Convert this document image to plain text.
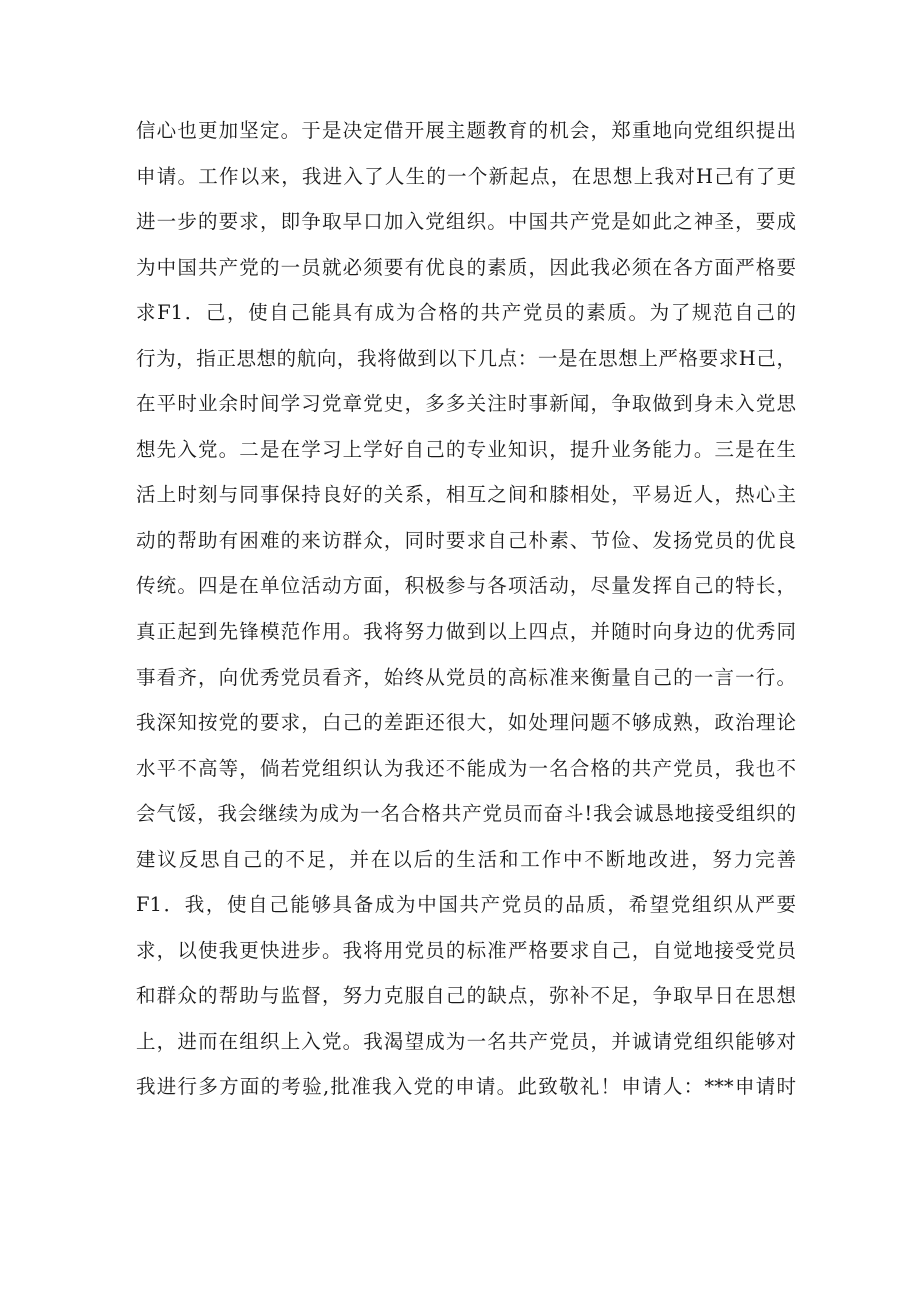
信心也更加坚定。于是决定借开展主题教育的机会，郑重地向党组织提出
申请。工作以来，我进入了人生的一个新起点，在思想上我对H己有了更
进一步的要求，即争取早口加入党组织。中国共产党是如此之神圣，要成
为中国共产党的一员就必须要有优良的素质，因此我必须在各方面严格要
求F1．己，使自己能具有成为合格的共产党员的素质。为了规范自己的
行为，指正思想的航向，我将做到以下几点：一是在思想上严格要求H己，
在平时业余时间学习党章党史，多多关注时事新闻，争取做到身未入党思
想先入党。二是在学习上学好自己的专业知识，提升业务能力。三是在生
活上时刻与同事保持良好的关系，相互之间和膝相处，平易近人，热心主
动的帮助有困难的来访群众，同时要求自己朴素、节俭、发扬党员的优良
传统。四是在单位活动方面，积极参与各项活动，尽量发挥自己的特长，
真正起到先锋模范作用。我将努力做到以上四点，并随时向身边的优秀同
事看齐，向优秀党员看齐，始终从党员的高标准来衡量自己的一言一行。
我深知按党的要求，白己的差距还很大，如处理问题不够成熟，政治理论
水平不高等，倘若党组织认为我还不能成为一名合格的共产党员，我也不
会气馁，我会继续为成为一名合格共产党员而奋斗!我会诚恳地接受组织的
建议反思自己的不足，并在以后的生活和工作中不断地改进，努力完善
F1．我，使自己能够具备成为中国共产党员的品质，希望党组织从严要
求，以使我更快进步。我将用党员的标准严格要求自己，自觉地接受党员
和群众的帮助与监督，努力克服自己的缺点，弥补不足，争取早日在思想
上，进而在组织上入党。我渴望成为一名共产党员，并诚请党组织能够对
我进行多方面的考验,批准我入党的申请。此致敬礼！申请人：***申请时
